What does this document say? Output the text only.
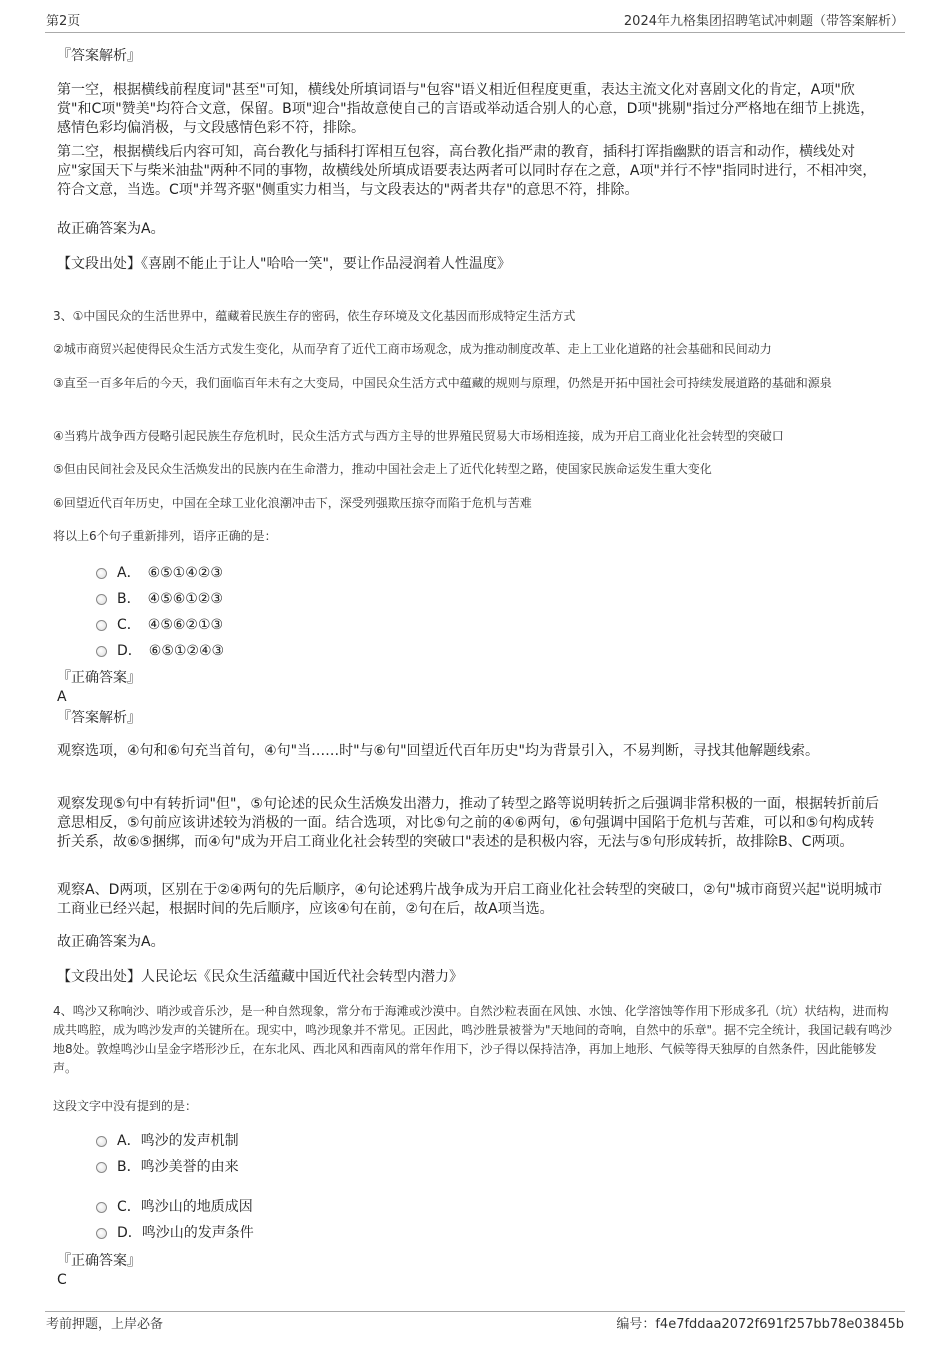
第2页	2024年九格集团招聘笔试冲刺题（带答案解析）
『答案解析』
第一空，根据横线前程度词"甚至"可知，横线处所填词语与"包容"语义相近但程度更重，表达主流文化对喜剧文化的肯定，A项"欣赏"和C项"赞美"均符合文意，保留。B项"迎合"指故意使自己的言语或举动适合别人的心意，D项"挑剔"指过分严格地在细节上挑选，感情色彩均偏消极，与文段感情色彩不符，排除。
第二空，根据横线后内容可知，高台教化与插科打诨相互包容，高台教化指严肃的教育，插科打诨指幽默的语言和动作，横线处对应"家国天下与柴米油盐"两种不同的事物，故横线处所填成语要表达两者可以同时存在之意，A项"并行不悖"指同时进行，不相冲突，符合文意，当选。C项"并驾齐驱"侧重实力相当，与文段表达的"两者共存"的意思不符，排除。
故正确答案为A。
【文段出处】《喜剧不能止于让人"哈哈一笑"，要让作品浸润着人性温度》
3、①中国民众的生活世界中，蕴藏着民族生存的密码，依生存环境及文化基因而形成特定生活方式
②城市商贸兴起使得民众生活方式发生变化，从而孕育了近代工商市场观念，成为推动制度改革、走上工业化道路的社会基础和民间动力
③直至一百多年后的今天，我们面临百年未有之大变局，中国民众生活方式中蕴藏的规则与原理，仍然是开拓中国社会可持续发展道路的基础和源泉
④当鸦片战争西方侵略引起民族生存危机时，民众生活方式与西方主导的世界殖民贸易大市场相连接，成为开启工商业化社会转型的突破口
⑤但由民间社会及民众生活焕发出的民族内在生命潜力，推动中国社会走上了近代化转型之路，使国家民族命运发生重大变化
⑥回望近代百年历史，中国在全球工业化浪潮冲击下，深受列强欺压掠夺而陷于危机与苦难
将以上6个句子重新排列，语序正确的是：
A．　⑥⑤①④②③
B．　④⑤⑥①②③
C．　④⑤⑥②①③
D．　⑥⑤①②④③
『正确答案』
A
『答案解析』
观察选项，④句和⑥句充当首句，④句"当……时"与⑥句"回望近代百年历史"均为背景引入，不易判断，寻找其他解题线索。
观察发现⑤句中有转折词"但"，⑤句论述的民众生活焕发出潜力，推动了转型之路等说明转折之后强调非常积极的一面，根据转折前后意思相反，⑤句前应该讲述较为消极的一面。结合选项，对比⑤句之前的④⑥两句，⑥句强调中国陷于危机与苦难，可以和⑤句构成转折关系，故⑥⑤捆绑，而④句"成为开启工商业化社会转型的突破口"表述的是积极内容，无法与⑤句形成转折，故排除B、C两项。
观察A、D两项，区别在于②④两句的先后顺序，④句论述鸦片战争成为开启工商业化社会转型的突破口，②句"城市商贸兴起"说明城市工商业已经兴起，根据时间的先后顺序，应该④句在前，②句在后，故A项当选。
故正确答案为A。
【文段出处】人民论坛《民众生活蕴藏中国近代社会转型内潜力》
4、鸣沙又称响沙、哨沙或音乐沙，是一种自然现象，常分布于海滩或沙漠中。自然沙粒表面在风蚀、水蚀、化学溶蚀等作用下形成多孔（坑）状结构，进而构成共鸣腔，成为鸣沙发声的关键所在。现实中，鸣沙现象并不常见。正因此，鸣沙胜景被誉为"天地间的奇响，自然中的乐章"。据不完全统计，我国记载有鸣沙地8处。敦煌鸣沙山呈金字塔形沙丘，在东北风、西北风和西南风的常年作用下，沙子得以保持洁净，再加上地形、气候等得天独厚的自然条件，因此能够发声。
这段文字中没有提到的是：
A．鸣沙的发声机制
B．鸣沙美誉的由来
C．鸣沙山的地质成因
D．鸣沙山的发声条件
『正确答案』
C
考前押题，上岸必备	编号：f4e7fddaa2072f691f257bb78e03845b
